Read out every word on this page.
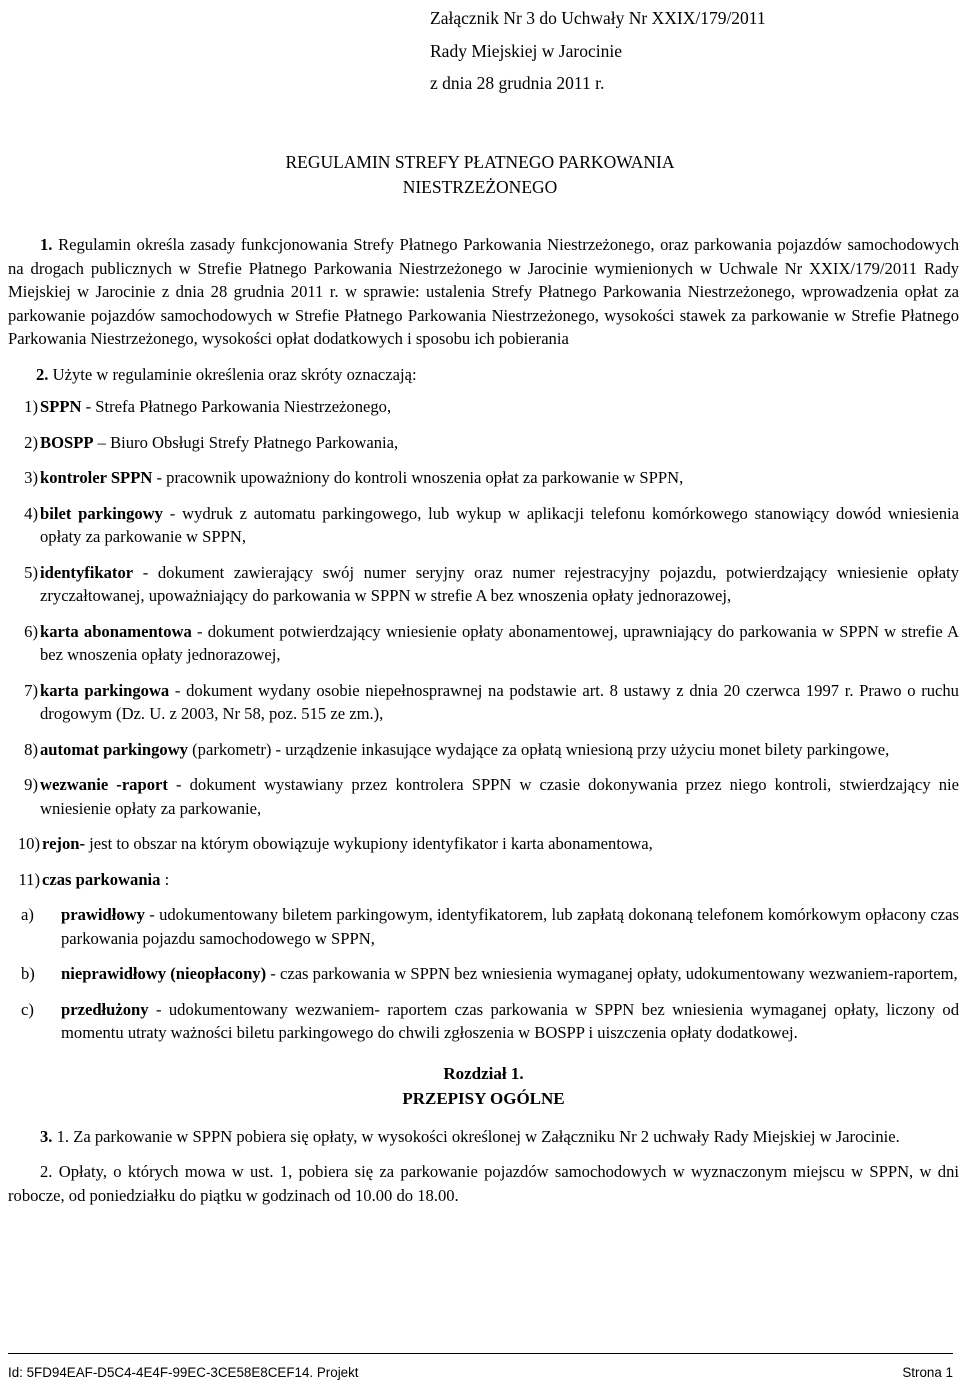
Załącznik Nr 3 do Uchwały Nr XXIX/179/2011
Rady Miejskiej w Jarocinie
z dnia 28 grudnia 2011 r.
REGULAMIN STREFY PŁATNEGO PARKOWANIA
NIESTRZEŻONEGO

1. Regulamin określa zasady funkcjonowania Strefy Płatnego Parkowania Niestrzeżonego, oraz parkowania pojazdów samochodowych na drogach publicznych w Strefie Płatnego Parkowania Niestrzeżonego w Jarocinie wymienionych w Uchwale Nr XXIX/179/2011 Rady Miejskiej w Jarocinie z dnia 28 grudnia 2011 r. w sprawie: ustalenia Strefy Płatnego Parkowania Niestrzeżonego, wprowadzenia opłat za parkowanie pojazdów samochodowych w Strefie Płatnego Parkowania Niestrzeżonego, wysokości stawek za parkowanie w Strefie Płatnego Parkowania Niestrzeżonego, wysokości opłat dodatkowych i sposobu ich pobierania

2. Użyte w regulaminie określenia oraz skróty oznaczają:

1) SPPN - Strefa Płatnego Parkowania Niestrzeżonego,
2) BOSPP – Biuro Obsługi Strefy Płatnego Parkowania,
3) kontroler SPPN - pracownik upoważniony do kontroli wnoszenia opłat za parkowanie w SPPN,
4) bilet parkingowy - wydruk z automatu parkingowego, lub wykup w aplikacji telefonu komórkowego stanowiący dowód wniesienia opłaty za parkowanie w SPPN,
5) identyfikator - dokument zawierający swój numer seryjny oraz numer rejestracyjny pojazdu, potwierdzający wniesienie opłaty zryczałtowanej, upoważniający do parkowania w SPPN w strefie A bez wnoszenia opłaty jednorazowej,
6) karta abonamentowa - dokument potwierdzający wniesienie opłaty abonamentowej, uprawniający do parkowania w SPPN w strefie A bez wnoszenia opłaty jednorazowej,
7) karta parkingowa - dokument wydany osobie niepełnosprawnej na podstawie art. 8 ustawy z dnia 20 czerwca 1997 r. Prawo o ruchu drogowym (Dz. U. z 2003, Nr 58, poz. 515 ze zm.),
8) automat parkingowy (parkometr) - urządzenie inkasujące wydające za opłatą wniesioną przy użyciu monet bilety parkingowe,
9) wezwanie -raport - dokument wystawiany przez kontrolera SPPN w czasie dokonywania przez niego kontroli, stwierdzający nie wniesienie opłaty za parkowanie,
10) rejon- jest to obszar na którym obowiązuje wykupiony identyfikator i karta abonamentowa,
11) czas parkowania :
a)	prawidłowy - udokumentowany biletem parkingowym, identyfikatorem, lub zapłatą dokonaną telefonem komórkowym opłacony czas parkowania pojazdu samochodowego w SPPN,
b)	nieprawidłowy (nieopłacony) - czas parkowania w SPPN bez wniesienia wymaganej opłaty, udokumentowany wezwaniem-raportem,
c)	przedłużony - udokumentowany wezwaniem- raportem czas parkowania w SPPN bez wniesienia wymaganej opłaty, liczony od momentu utraty ważności biletu parkingowego do chwili zgłoszenia w BOSPP i uiszczenia opłaty dodatkowej.

Rozdział 1.

PRZEPISY OGÓLNE

3. 1. Za parkowanie w SPPN pobiera się opłaty, w wysokości określonej w Załączniku Nr 2 uchwały Rady Miejskiej w Jarocinie.

2. Opłaty, o których mowa w ust. 1, pobiera się za parkowanie pojazdów samochodowych w wyznaczonym miejscu w SPPN, w dni robocze, od poniedziałku do piątku w godzinach od 10.00 do 18.00.

Id: 5FD94EAF-D5C4-4E4F-99EC-3CE58E8CEF14. Projekt	Strona 1
